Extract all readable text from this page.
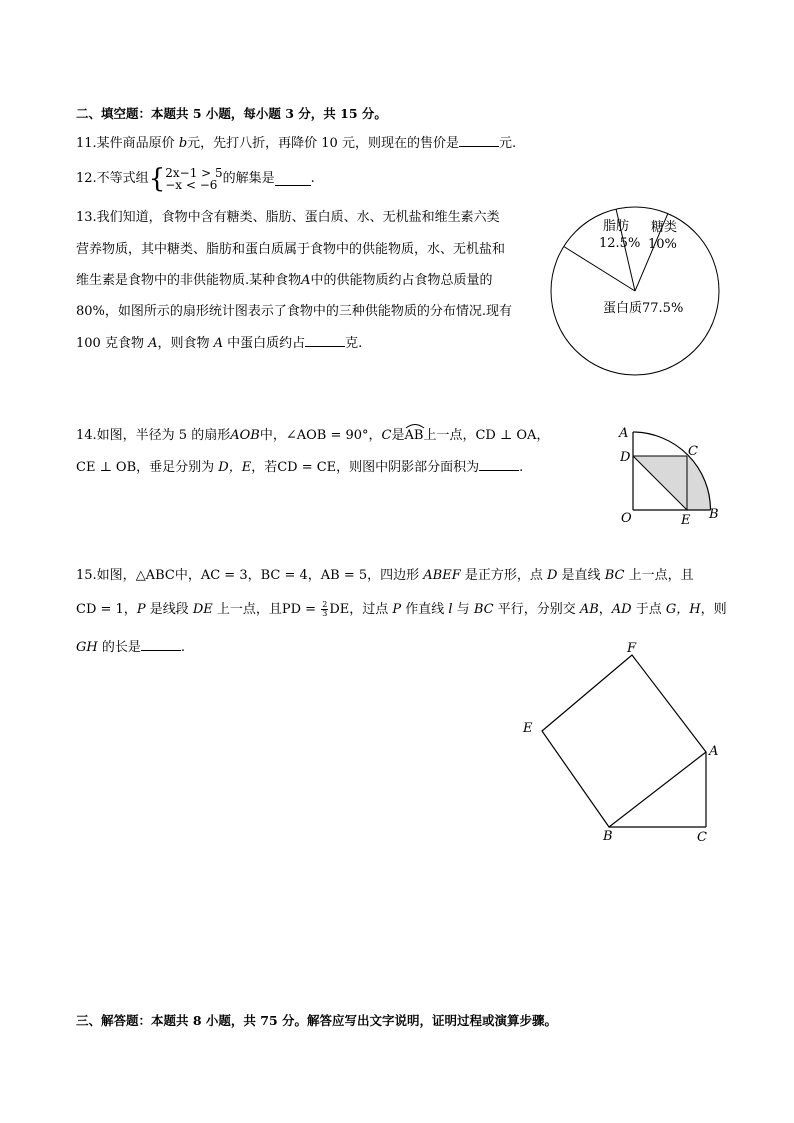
二、填空题：本题共 5 小题，每小题 3 分，共 15 分。
11.某件商品原价 b元，先打八折，再降价 10 元，则现在的售价是	元.
12.不等式组{ 2x−1 > 5
−x < −6 的解集是	.
13.我们知道，食物中含有糖类、脂肪、蛋白质、水、无机盐和维生素六类
营养物质，其中糖类、脂肪和蛋白质属于食物中的供能物质，水、无机盐和
维生素是食物中的非供能物质.某种食物A中的供能物质约占食物总质量的
80%，如图所示的扇形统计图表示了食物中的三种供能物质的分布情况.现有
100 克食物 A，则食物 A 中蛋白质约占	克.
脂肪
12.5%
糖类
10%
蛋白质77.5%
14.如图，半径为 5 的扇形AOB中，∠AOB = 90°，C是
AB上一点，CD ⊥ OA，
CE ⊥ OB，垂足分别为 D，E，若CD = CE，则图中阴影部分面积为	.
A
D	C
O	E B
15.如图，△ABC中，AC = 3，BC = 4，AB = 5，四边形 ABEF 是正方形，点 D 是直线 BC 上一点，且
CD = 1，P 是线段 DE 上一点，且PD = $\frac{2}{3}$ DE，过点 P 作直线 l 与 BC 平行，分别交 AB，AD 于点 G，H，则
GH 的长是	.	F
E
A
B	C
三、解答题：本题共 8 小题，共 75 分。解答应写出文字说明，证明过程或演算步骤。
